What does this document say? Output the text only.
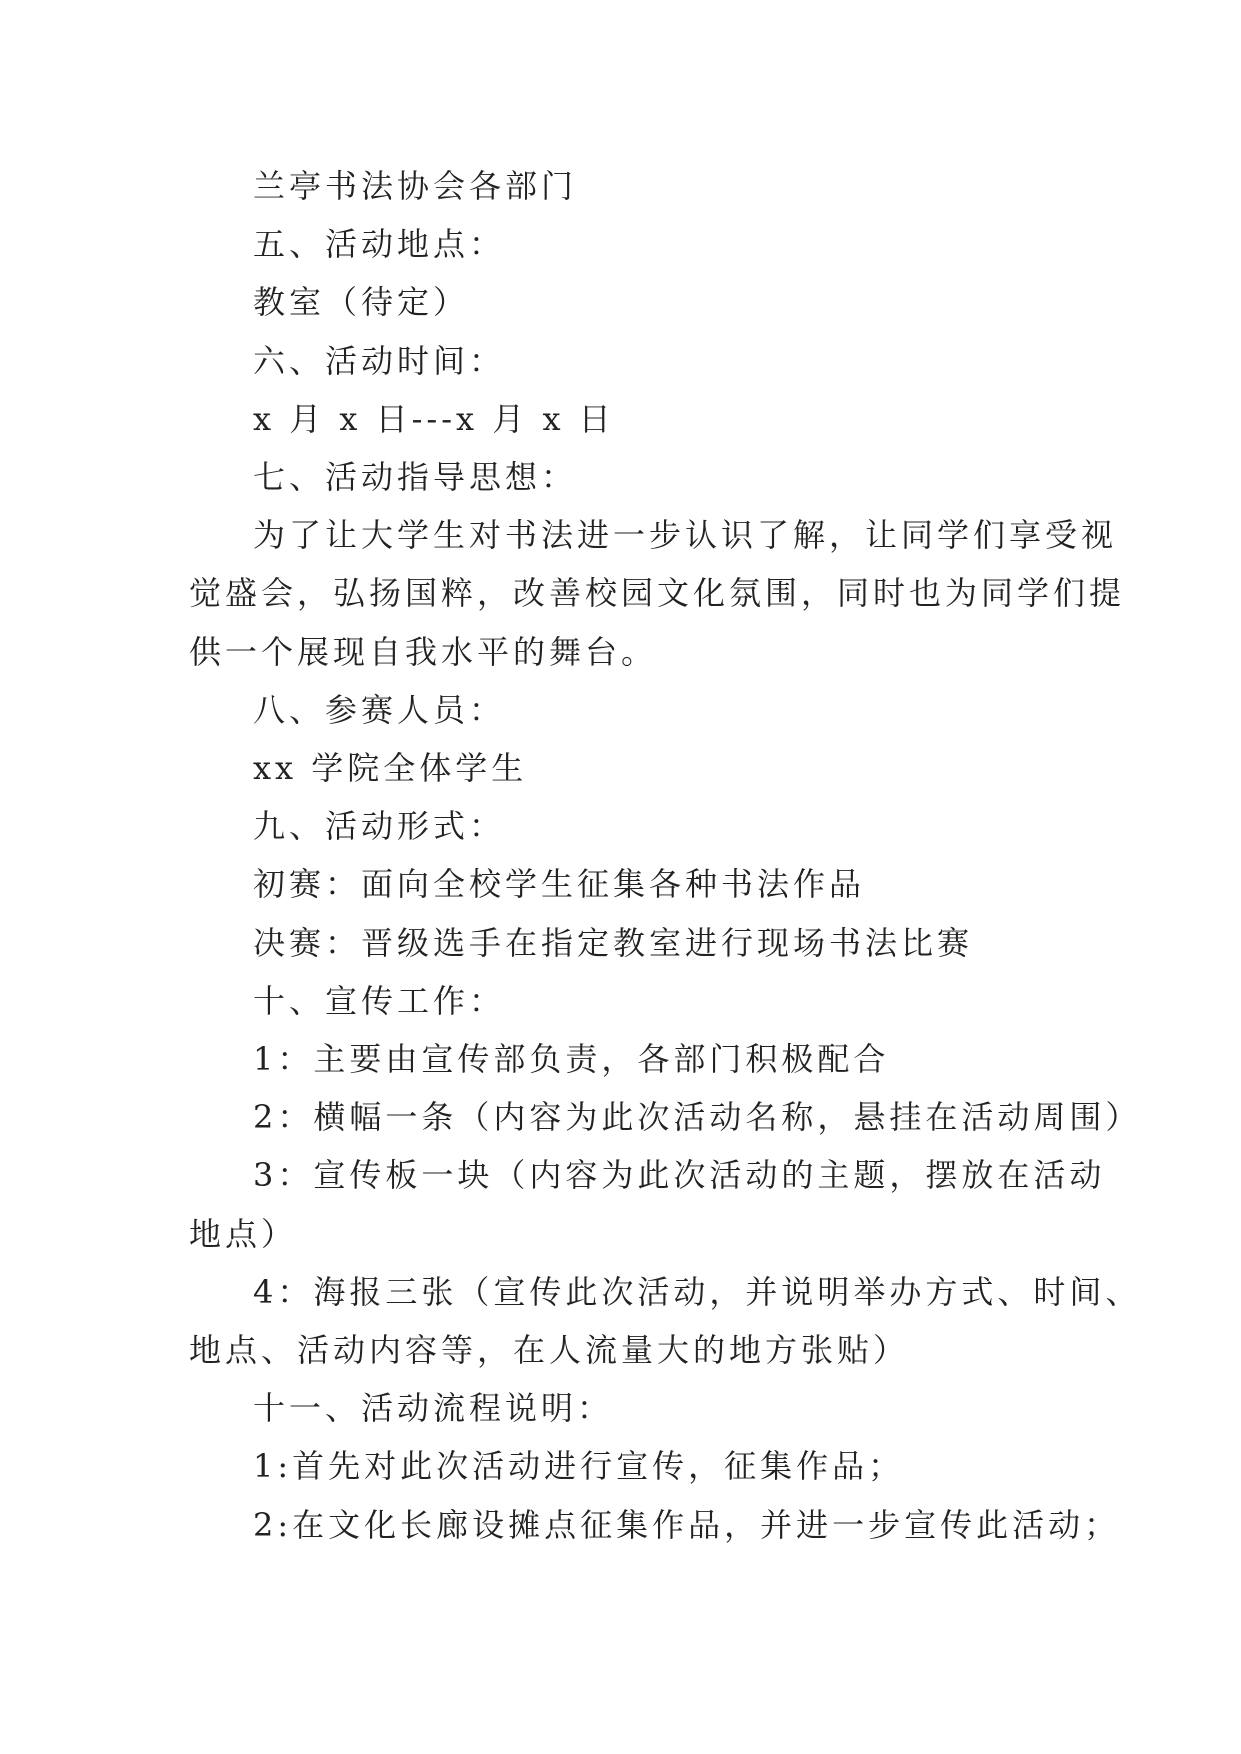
兰亭书法协会各部门

五、活动地点：

教室（待定）

六、活动时间：

x 月 x 日---x 月 x 日

七、活动指导思想：

为了让大学生对书法进一步认识了解，让同学们享受视

觉盛会，弘扬国粹，改善校园文化氛围，同时也为同学们提

供一个展现自我水平的舞台。

八、参赛人员：

xx 学院全体学生

九、活动形式：

初赛：面向全校学生征集各种书法作品

决赛：晋级选手在指定教室进行现场书法比赛

十、宣传工作：

1：主要由宣传部负责，各部门积极配合

2：横幅一条（内容为此次活动名称，悬挂在活动周围）

3：宣传板一块（内容为此次活动的主题，摆放在活动

地点）

4：海报三张（宣传此次活动，并说明举办方式、时间、

地点、活动内容等，在人流量大的地方张贴）

十一、活动流程说明：

1:首先对此次活动进行宣传，征集作品；

2:在文化长廊设摊点征集作品，并进一步宣传此活动；
